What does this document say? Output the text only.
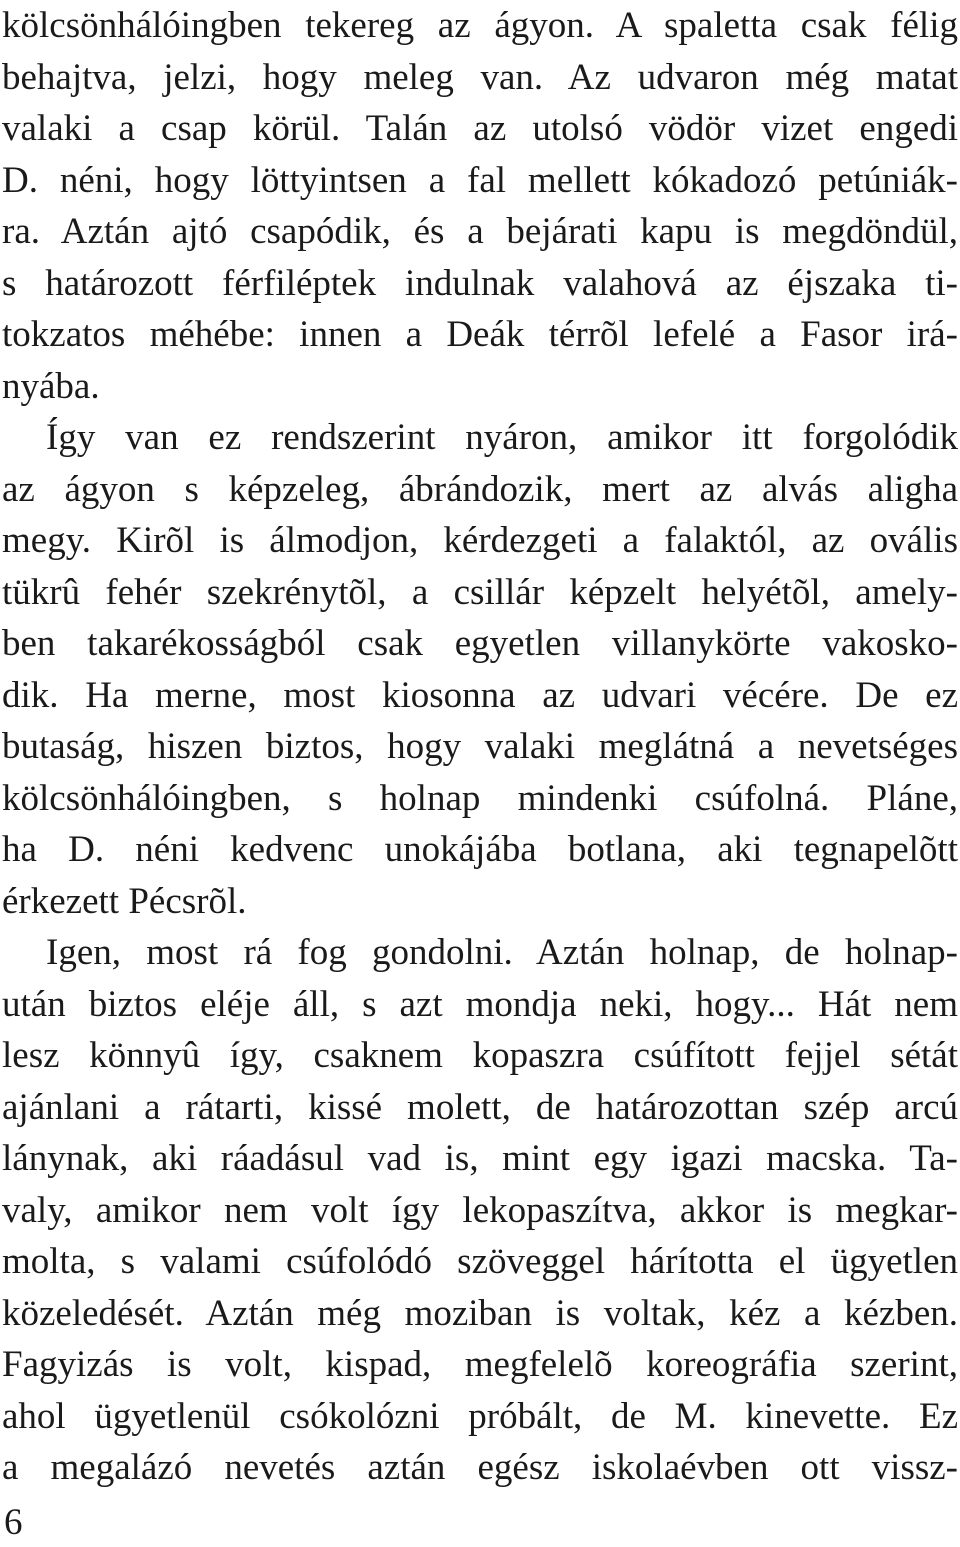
kölcsönhálóingben tekereg az ágyon. A spaletta csak félig
behajtva, jelzi, hogy meleg van. Az udvaron még matat
valaki a csap körül. Talán az utolsó vödör vizet engedi
D. néni, hogy löttyintsen a fal mellett kókadozó petúniák-
ra. Aztán ajtó csapódik, és a bejárati kapu is megdöndül,
s határozott férfiléptek indulnak valahová az éjszaka ti-
tokzatos méhébe: innen a Deák térrõl lefelé a Fasor irá-
nyába.
Így van ez rendszerint nyáron, amikor itt forgolódik
az ágyon s képzeleg, ábrándozik, mert az alvás aligha
megy. Kirõl is álmodjon, kérdezgeti a falaktól, az ovális
tükrû fehér szekrénytõl, a csillár képzelt helyétõl, amely-
ben takarékosságból csak egyetlen villanykörte vakosko-
dik. Ha merne, most kiosonna az udvari vécére. De ez
butaság, hiszen biztos, hogy valaki meglátná a nevetséges
kölcsönhálóingben, s holnap mindenki csúfolná. Pláne,
ha D. néni kedvenc unokájába botlana, aki tegnapelõtt
érkezett Pécsrõl.
Igen, most rá fog gondolni. Aztán holnap, de holnap-
után biztos eléje áll, s azt mondja neki, hogy... Hát nem
lesz könnyû így, csaknem kopaszra csúfított fejjel sétát
ajánlani a rátarti, kissé molett, de határozottan szép arcú
lánynak, aki ráadásul vad is, mint egy igazi macska. Ta-
valy, amikor nem volt így lekopaszítva, akkor is megkar-
molta, s valami csúfolódó szöveggel hárította el ügyetlen
közeledését. Aztán még moziban is voltak, kéz a kézben.
Fagyizás is volt, kispad, megfelelõ koreográfia szerint,
ahol ügyetlenül csókolózni próbált, de M. kinevette. Ez
a megalázó nevetés aztán egész iskolaévben ott vissz-
6
